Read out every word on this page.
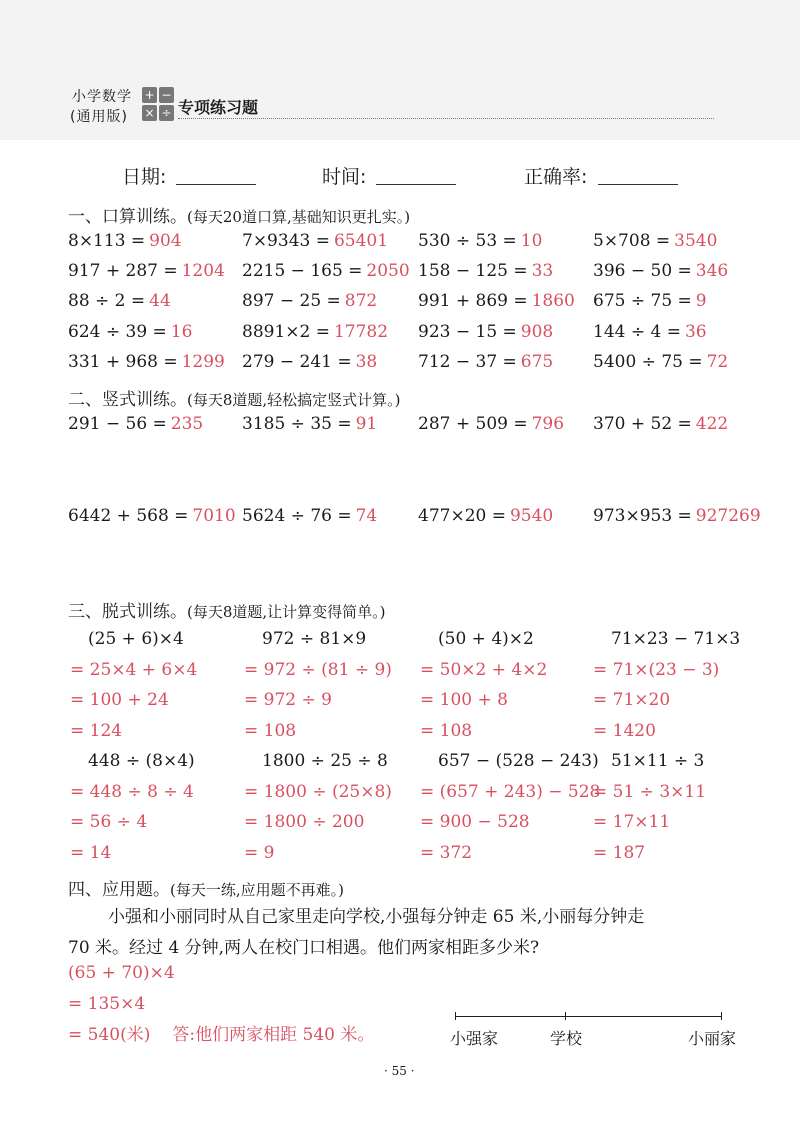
小学数学
(通用版)
+ −
× ÷ 专项练习题
日期:	时间:	正确率:
一、口算训练。(每天20道口算,基础知识更扎实。)
8×113 = 904	7×9343 = 65401 530 ÷ 53 = 10	5×708 = 3540
917 + 287 = 1204 2215 − 165 = 2050 158 − 125 = 33 396 − 50 = 346
88 ÷ 2 = 44	897 − 25 = 872 991 + 869 = 1860 675 ÷ 75 = 9
624 ÷ 39 = 16	8891×2 = 17782 923 − 15 = 908 144 ÷ 4 = 36
331 + 968 = 1299 279 − 241 = 38 712 − 37 = 675 5400 ÷ 75 = 72
二、竖式训练。(每天8道题,轻松搞定竖式计算。)
291 − 56 = 235 3185 ÷ 35 = 91 287 + 509 = 796 370 + 52 = 422
6442 + 568 = 7010 5624 ÷ 76 = 74 477×20 = 9540 973×953 = 927269
三、脱式训练。(每天8道题,让计算变得简单。)
(25 + 6)×4
= 25×4 + 6×4
= 100 + 24
= 124
972 ÷ 81×9
= 972 ÷ (81 ÷ 9)
= 972 ÷ 9
= 108
(50 + 4)×2
= 50×2 + 4×2
= 100 + 8
= 108
71×23 − 71×3
= 71×(23 − 3)
= 71×20
= 1420
448 ÷ (8×4)
= 448 ÷ 8 ÷ 4
= 56 ÷ 4
= 14
1800 ÷ 25 ÷ 8
= 1800 ÷ (25×8)
= 1800 ÷ 200
= 9
657 − (528 − 243)
= (657 + 243) − 528
= 900 − 528
= 372
51×11 ÷ 3
= 51 ÷ 3×11
= 17×11
= 187
四、应用题。(每天一练,应用题不再难。)
小强和小丽同时从自己家里走向学校,小强每分钟走 65 米,小丽每分钟走
70 米。经过 4 分钟,两人在校门口相遇。他们两家相距多少米?
(65 + 70)×4
= 135×4
= 540(米) 答:他们两家相距 540 米。	小强家	学校	小丽家
· 55 ·
